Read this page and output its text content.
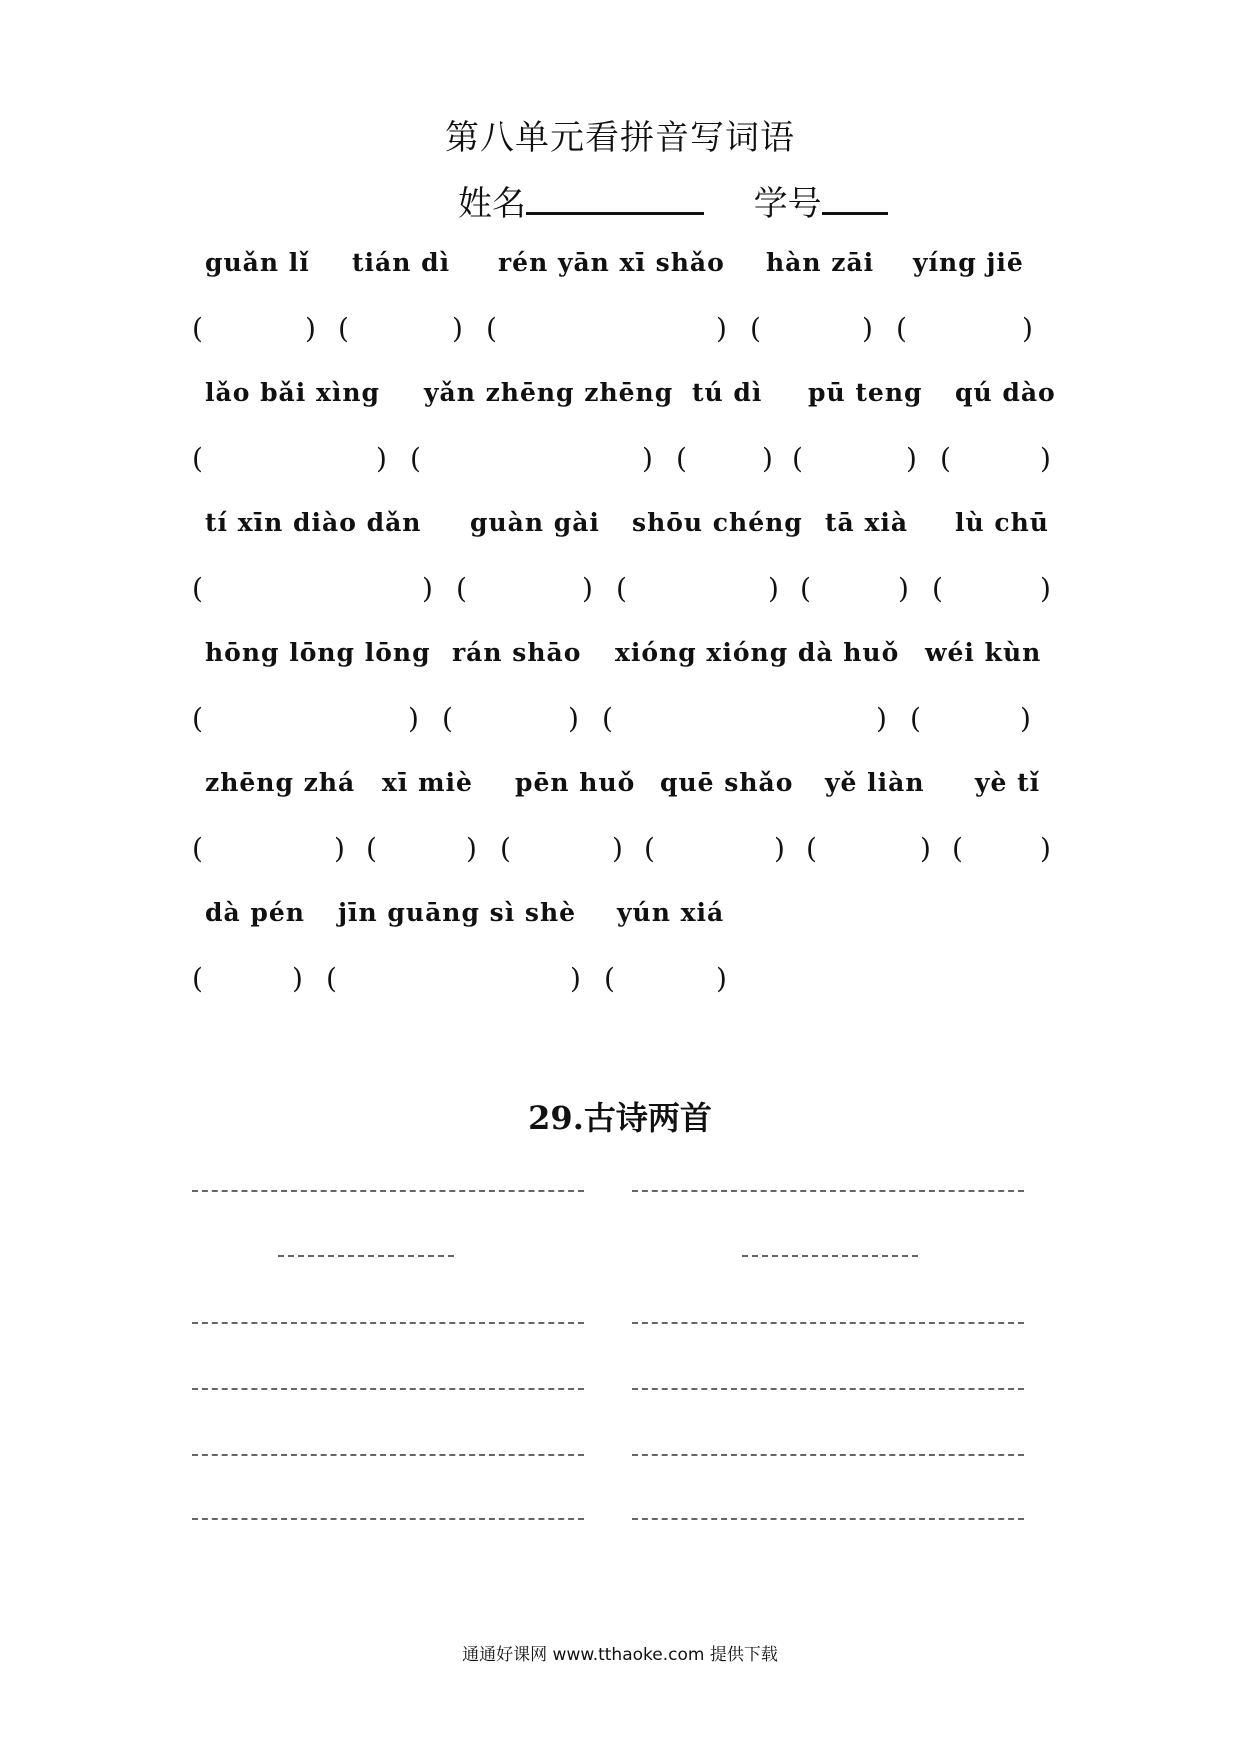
第八单元看拼音写词语
姓名	学号
guǎn lǐ tián dì rén yān xī shǎo hàn zāi yíng jiē
(	) (	) (	) (	) (	)
lǎo bǎi xìng yǎn zhēng zhēng tú dì pū teng qú dào
(	) (	) (	) (	) (	)
tí xīn diào dǎn guàn gài shōu chéng tā xià lù chū
(	) (	) (	) (	) (	)
hōng lōng lōng rán shāo xióng xióng dà huǒ wéi kùn
(	) (	) (	) (	)
zhēng zhá xī miè pēn huǒ quē shǎo yě liàn yè tǐ
(	) (	) (	) (	) (	) (	)
dà pén jīn guāng sì shè yún xiá
(	) (	) (	)
29.古诗两首
通通好课网 www.tthaoke.com 提供下载
